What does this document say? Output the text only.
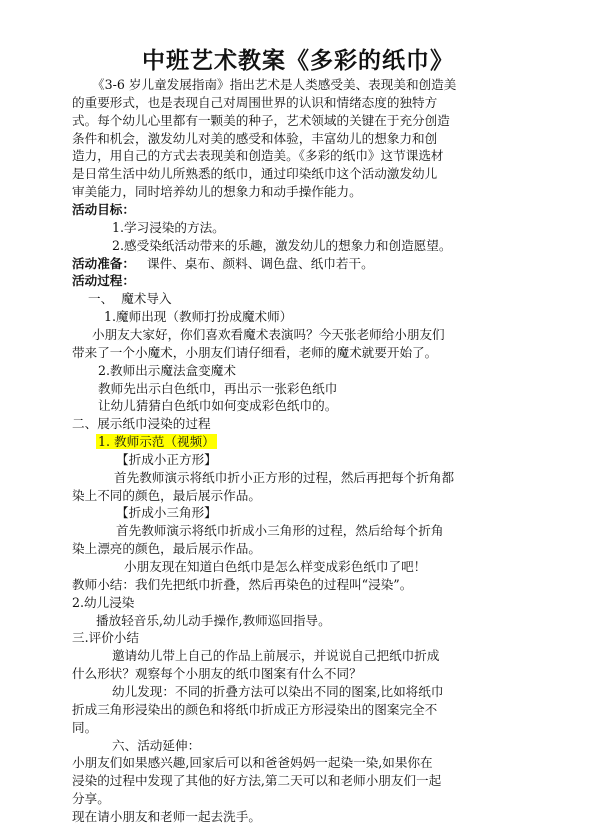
中班艺术教案《多彩的纸巾》
《3-6 岁儿童发展指南》指出艺术是人类感受美、表现美和创造美
的重要形式，也是表现自己对周围世界的认识和情绪态度的独特方
式。每个幼儿心里都有一颗美的种子，艺术领域的关键在于充分创造
条件和机会，激发幼儿对美的感受和体验，丰富幼儿的想象力和创
造力，用自己的方式去表现美和创造美。《多彩的纸巾》这节课选材
是日常生活中幼儿所熟悉的纸巾，通过印染纸巾这个活动激发幼儿
审美能力，同时培养幼儿的想象力和动手操作能力。
活动目标：
1.学习浸染的方法。
2.感受染纸活动带来的乐趣，激发幼儿的想象力和创造愿望。
活动准备： 课件、桌布、颜料、调色盘、纸巾若干。
活动过程：
一、  魔术导入
1.魔师出现（教师打扮成魔术师）
小朋友大家好，你们喜欢看魔术表演吗？今天张老师给小朋友们
带来了一个小魔术，小朋友们请仔细看，老师的魔术就要开始了。
2.教师出示魔法盒变魔术
教师先出示白色纸巾，再出示一张彩色纸巾
让幼儿猜猜白色纸巾如何变成彩色纸巾的。
二、展示纸巾浸染的过程
1. 教师示范（视频）
【折成小正方形】
首先教师演示将纸巾折小正方形的过程，然后再把每个折角都
染上不同的颜色，最后展示作品。
【折成小三角形】
首先教师演示将纸巾折成小三角形的过程，然后给每个折角
染上漂亮的颜色，最后展示作品。
小朋友现在知道白色纸巾是怎么样变成彩色纸巾了吧！
教师小结：我们先把纸巾折叠，然后再染色的过程叫“浸染”。
2.幼儿浸染
播放轻音乐,幼儿动手操作,教师巡回指导。
三.评价小结
邀请幼儿带上自己的作品上前展示，并说说自己把纸巾折成
什么形状？观察每个小朋友的纸巾图案有什么不同？
幼儿发现：不同的折叠方法可以染出不同的图案,比如将纸巾
折成三角形浸染出的颜色和将纸巾折成正方形浸染出的图案完全不
同。
六、活动延伸：
小朋友们如果感兴趣,回家后可以和爸爸妈妈一起染一染,如果你在
浸染的过程中发现了其他的好方法,第二天可以和老师小朋友们一起
分享。
现在请小朋友和老师一起去洗手。
